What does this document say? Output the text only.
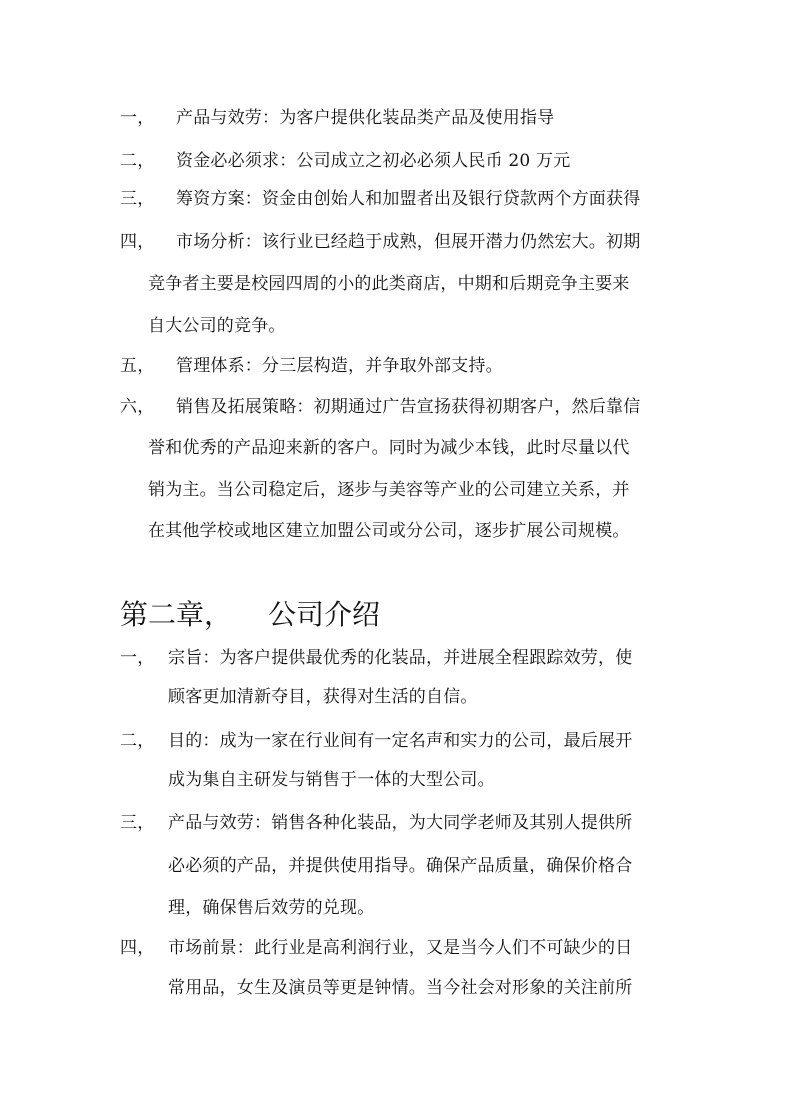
一， 产品与效劳：为客户提供化装品类产品及使用指导
二， 资金必必须求：公司成立之初必必须人民币 20 万元
三， 筹资方案：资金由创始人和加盟者出及银行贷款两个方面获得
四， 市场分析：该行业已经趋于成熟，但展开潜力仍然宏大。初期
竞争者主要是校园四周的小的此类商店，中期和后期竞争主要来
自大公司的竞争。
五， 管理体系：分三层构造，并争取外部支持。
六， 销售及拓展策略：初期通过广告宣扬获得初期客户，然后靠信
誉和优秀的产品迎来新的客户。同时为减少本钱，此时尽量以代
销为主。当公司稳定后，逐步与美容等产业的公司建立关系，并
在其他学校或地区建立加盟公司或分公司，逐步扩展公司规模。
第二章， 公司介绍
一， 宗旨：为客户提供最优秀的化装品，并进展全程跟踪效劳，使
顾客更加清新夺目，获得对生活的自信。
二， 目的：成为一家在行业间有一定名声和实力的公司，最后展开
成为集自主研发与销售于一体的大型公司。
三， 产品与效劳：销售各种化装品，为大同学老师及其别人提供所
必必须的产品，并提供使用指导。确保产品质量，确保价格合
理，确保售后效劳的兑现。
四， 市场前景：此行业是高利润行业，又是当今人们不可缺少的日
常用品，女生及演员等更是钟情。当今社会对形象的关注前所
